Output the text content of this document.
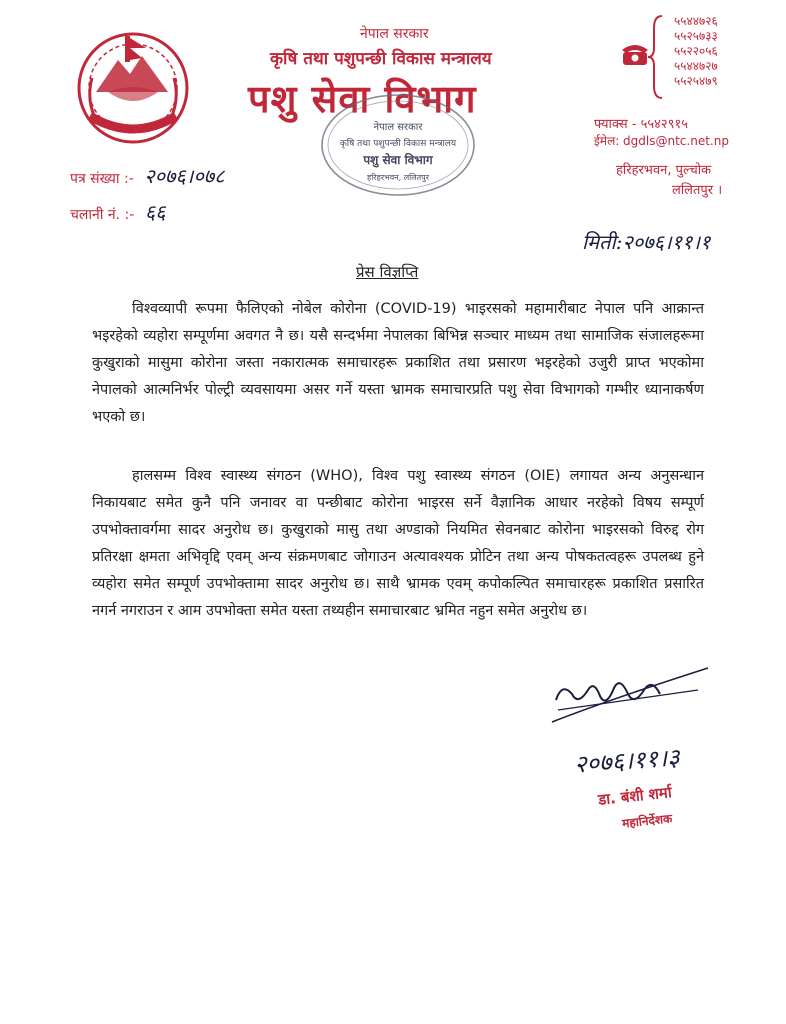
नेपाल सरकार
कृषि तथा पशुपन्छी विकास मन्त्रालय
पशु सेवा विभाग
५५४४७२६
५५२५७३३
५५२२०५६
५५४४७२७
५५२५४७९
फ्याक्स - ५५४२९१५
ईमेल: dgdls@ntc.net.np
हरिहरभवन, पुल्चोक
ललितपुर ।
नेपाल सरकार
कृषि तथा पशुपन्छी विकास मन्त्रालय
पशु सेवा विभाग
हरिहरभवन, ललितपुर
पत्र संख्या :- २०७६।०७८
चलानी नं. :- ६६
मिती:२०७६।११।१
प्रेस विज्ञप्ति
विश्वव्यापी रूपमा फैलिएको नोबेल कोरोना (COVID-19) भाइरसको महामारीबाट नेपाल पनि आक्रान्त भइरहेको व्यहोरा सम्पूर्णमा अवगत नै छ। यसै सन्दर्भमा नेपालका बिभिन्न सञ्चार माध्यम तथा सामाजिक संजालहरूमा कुखुराको मासुमा कोरोना जस्ता नकारात्मक समाचारहरू प्रकाशित तथा प्रसारण भइरहेको उजुरी प्राप्त भएकोमा नेपालको आत्मनिर्भर पोल्ट्री व्यवसायमा असर गर्ने यस्ता भ्रामक समाचारप्रति पशु सेवा विभागको गम्भीर ध्यानाकर्षण भएको छ।
हालसम्म विश्व स्वास्थ्य संगठन (WHO), विश्व पशु स्वास्थ्य संगठन (OIE) लगायत अन्य अनुसन्धान निकायबाट समेत कुनै पनि जनावर वा पन्छीबाट कोरोना भाइरस सर्ने वैज्ञानिक आधार नरहेको विषय सम्पूर्ण उपभोक्तावर्गमा सादर अनुरोध छ। कुखुराको मासु तथा अण्डाको नियमित सेवनबाट कोरोना भाइरसको विरुद्द रोग प्रतिरक्षा क्षमता अभिवृद्दि एवम् अन्य संक्रमणबाट जोगाउन अत्यावश्यक प्रोटिन तथा अन्य पोषकतत्वहरू उपलब्ध हुने व्यहोरा समेत सम्पूर्ण उपभोक्तामा सादर अनुरोध छ। साथै भ्रामक एवम् कपोकल्पित समाचारहरू प्रकाशित प्रसारित नगर्न नगराउन र आम उपभोक्ता समेत यस्ता तथ्यहीन समाचारबाट भ्रमित नहुन समेत अनुरोध छ।
२०७६।११।३
डा. बंशी शर्मा
महानिर्देशक
